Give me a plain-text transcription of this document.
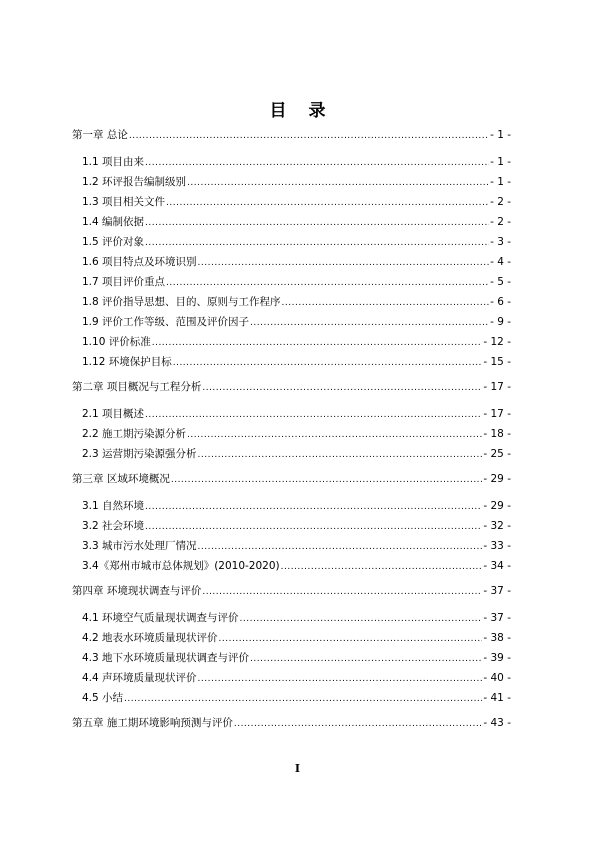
目 录
第一章 总论 .....	- 1 -
1.1 项目由来 .....	- 1 -
1.2 环评报告编制级别 .....	- 1 -
1.3 项目相关文件 .....	- 2 -
1.4 编制依据 .....	- 2 -
1.5 评价对象 .....	- 3 -
1.6 项目特点及环境识别 .....	- 4 -
1.7 项目评价重点 .....	- 5 -
1.8 评价指导思想、目的、原则与工作程序 .....	- 6 -
1.9 评价工作等级、范围及评价因子 .....	- 9 -
1.10 评价标准 .....	- 12 -
1.12 环境保护目标 .....	- 15 -
第二章 项目概况与工程分析 .....	- 17 -
2.1 项目概述 .....	- 17 -
2.2 施工期污染源分析 .....	- 18 -
2.3 运营期污染源强分析 .....	- 25 -
第三章 区域环境概况 .....	- 29 -
3.1 自然环境 .....	- 29 -
3.2 社会环境 .....	- 32 -
3.3 城市污水处理厂情况 .....	- 33 -
3.4《郑州市城市总体规划》(2010-2020) .....	- 34 -
第四章 环境现状调查与评价 .....	- 37 -
4.1 环境空气质量现状调查与评价 .....	- 37 -
4.2 地表水环境质量现状评价 .....	- 38 -
4.3 地下水环境质量现状调查与评价 .....	- 39 -
4.4 声环境质量现状评价 .....	- 40 -
4.5 小结 .....	- 41 -
第五章 施工期环境影响预测与评价 .....	- 43 -
I
